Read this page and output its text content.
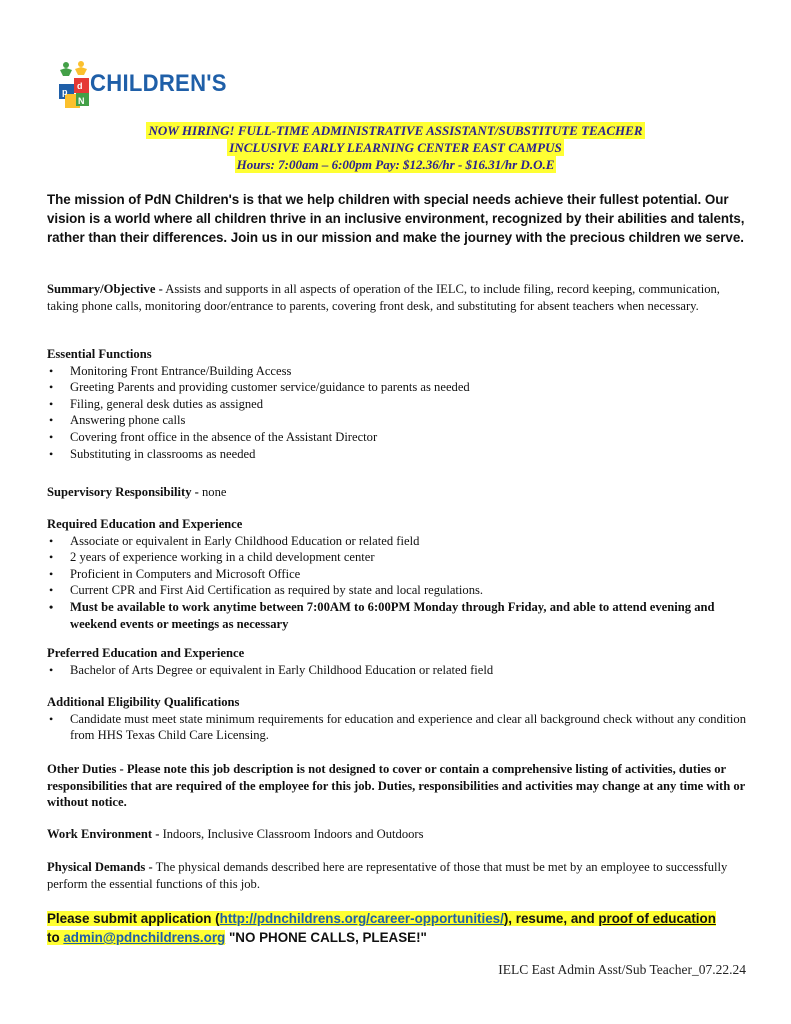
p
d
N
CHILDREN'S
NOW HIRING! FULL-TIME ADMINISTRATIVE ASSISTANT/SUBSTITUTE TEACHER
INCLUSIVE EARLY LEARNING CENTER EAST CAMPUS
Hours: 7:00am – 6:00pm Pay: $12.36/hr - $16.31/hr D.O.E
The mission of PdN Children's is that we help children with special needs achieve their fullest potential. Our vision is a world where all children thrive in an inclusive environment, recognized by their abilities and talents, rather than their differences. Join us in our mission and make the journey with the precious children we serve.
Summary/Objective - Assists and supports in all aspects of operation of the IELC, to include filing, record keeping, communication, taking phone calls, monitoring door/entrance to parents, covering front desk, and substituting for absent teachers when necessary.
Essential Functions
• Monitoring Front Entrance/Building Access
• Greeting Parents and providing customer service/guidance to parents as needed
• Filing, general desk duties as assigned
• Answering phone calls
• Covering front office in the absence of the Assistant Director
• Substituting in classrooms as needed
Supervisory Responsibility - none
Required Education and Experience
• Associate or equivalent in Early Childhood Education or related field
• 2 years of experience working in a child development center
• Proficient in Computers and Microsoft Office
• Current CPR and First Aid Certification as required by state and local regulations.
• Must be available to work anytime between 7:00AM to 6:00PM Monday through Friday, and able to attend evening and weekend events or meetings as necessary
Preferred Education and Experience
• Bachelor of Arts Degree or equivalent in Early Childhood Education or related field
Additional Eligibility Qualifications
• Candidate must meet state minimum requirements for education and experience and clear all background check without any condition from HHS Texas Child Care Licensing.
Other Duties - Please note this job description is not designed to cover or contain a comprehensive listing of activities, duties or responsibilities that are required of the employee for this job. Duties, responsibilities and activities may change at any time with or without notice.
Work Environment - Indoors, Inclusive Classroom Indoors and Outdoors
Physical Demands - The physical demands described here are representative of those that must be met by an employee to successfully perform the essential functions of this job.
Please submit application (http://pdnchildrens.org/career-opportunities/), resume, and proof of education
to admin@pdnchildrens.org "NO PHONE CALLS, PLEASE!"
IELC East Admin Asst/Sub Teacher_07.22.24
